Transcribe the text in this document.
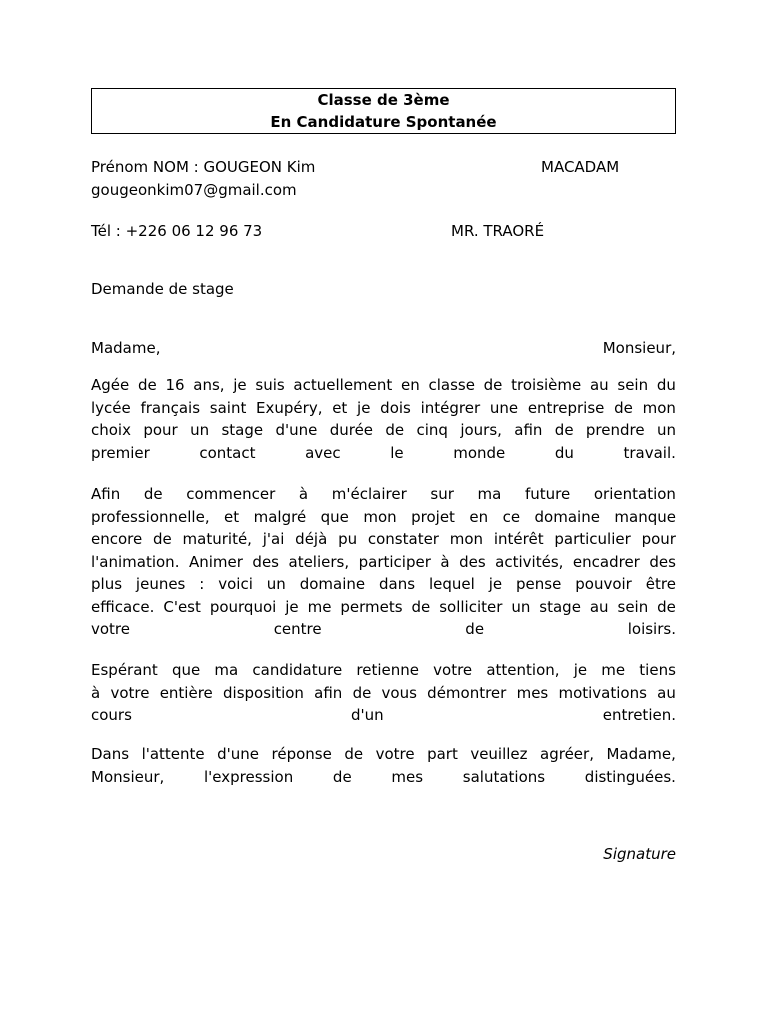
Classe de 3ème
En Candidature Spontanée
Prénom NOM : GOUGEON Kim	MACADAM
gougeonkim07@gmail.com
Tél : +226 06 12 96 73	MR. TRAORÉ
Demande de stage
Madame,	Monsieur,
Agée de 16 ans, je suis actuellement en classe de troisième au sein du
lycée français saint Exupéry, et je dois intégrer une entreprise de mon
choix pour un stage d'une durée de cinq jours, afin de prendre un
premier	contact	avec	le	monde	du	travail.
Afin de commencer à m'éclairer sur ma future orientation
professionnelle, et malgré que mon projet en ce domaine manque
encore de maturité, j'ai déjà pu constater mon intérêt particulier pour
l'animation. Animer des ateliers, participer à des activités, encadrer des
plus jeunes : voici un domaine dans lequel je pense pouvoir être
efficace. C'est pourquoi je me permets de solliciter un stage au sein de
votre	centre	de	loisirs.
Espérant que ma candidature retienne votre attention, je me tiens
à votre entière disposition afin de vous démontrer mes motivations au
cours	d'un	entretien.
Dans l'attente d'une réponse de votre part veuillez agréer, Madame,
Monsieur,	l'expression	de	mes	salutations	distinguées.
Signature
